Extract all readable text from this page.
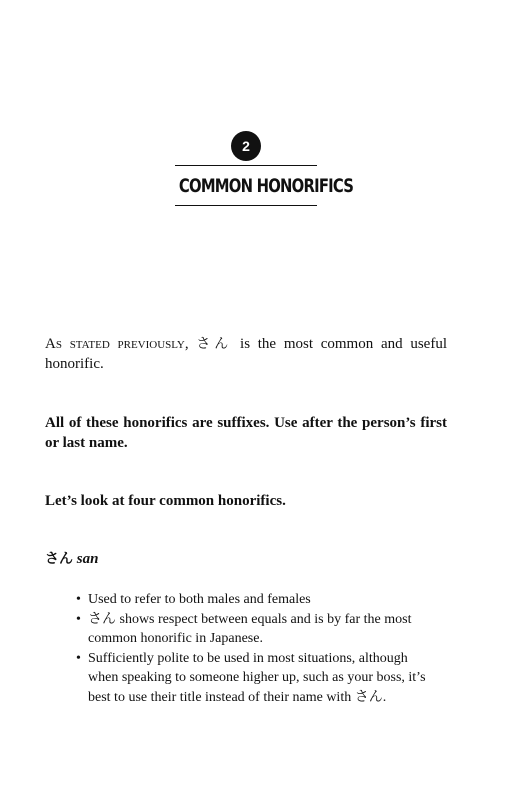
2
COMMON HONORIFICS

As stated previously, さん is the most common and useful honorific.

All of these honorifics are suffixes. Use after the person’s first or last name.

Let’s look at four common honorifics.

さん san
• Used to refer to both males and females
• さん shows respect between equals and is by far the most common honorific in Japanese.
• Sufficiently polite to be used in most situations, although when speaking to someone higher up, such as your boss, it’s best to use their title instead of their name with さん.
